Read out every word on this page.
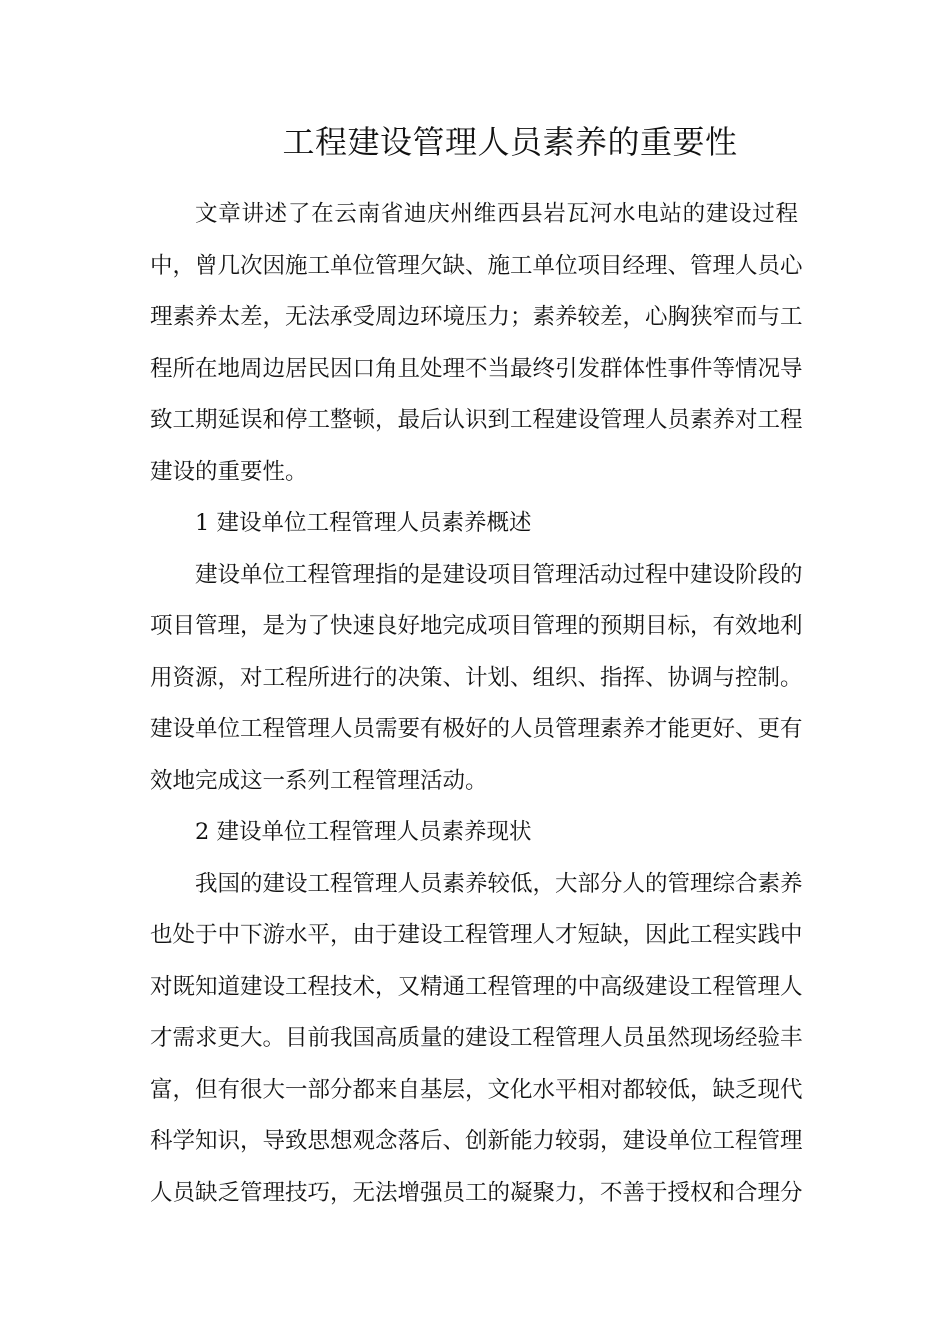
工程建设管理人员素养的重要性
文章讲述了在云南省迪庆州维西县岩瓦河水电站的建设过程
中，曾几次因施工单位管理欠缺、施工单位项目经理、管理人员心
理素养太差，无法承受周边环境压力；素养较差，心胸狭窄而与工
程所在地周边居民因口角且处理不当最终引发群体性事件等情况导
致工期延误和停工整顿，最后认识到工程建设管理人员素养对工程
建设的重要性。
1 建设单位工程管理人员素养概述
建设单位工程管理指的是建设项目管理活动过程中建设阶段的
项目管理，是为了快速良好地完成项目管理的预期目标，有效地利
用资源，对工程所进行的决策、计划、组织、指挥、协调与控制。
建设单位工程管理人员需要有极好的人员管理素养才能更好、更有
效地完成这一系列工程管理活动。
2 建设单位工程管理人员素养现状
我国的建设工程管理人员素养较低，大部分人的管理综合素养
也处于中下游水平，由于建设工程管理人才短缺，因此工程实践中
对既知道建设工程技术，又精通工程管理的中高级建设工程管理人
才需求更大。目前我国高质量的建设工程管理人员虽然现场经验丰
富，但有很大一部分都来自基层，文化水平相对都较低，缺乏现代
科学知识，导致思想观念落后、创新能力较弱，建设单位工程管理
人员缺乏管理技巧，无法增强员工的凝聚力，不善于授权和合理分
